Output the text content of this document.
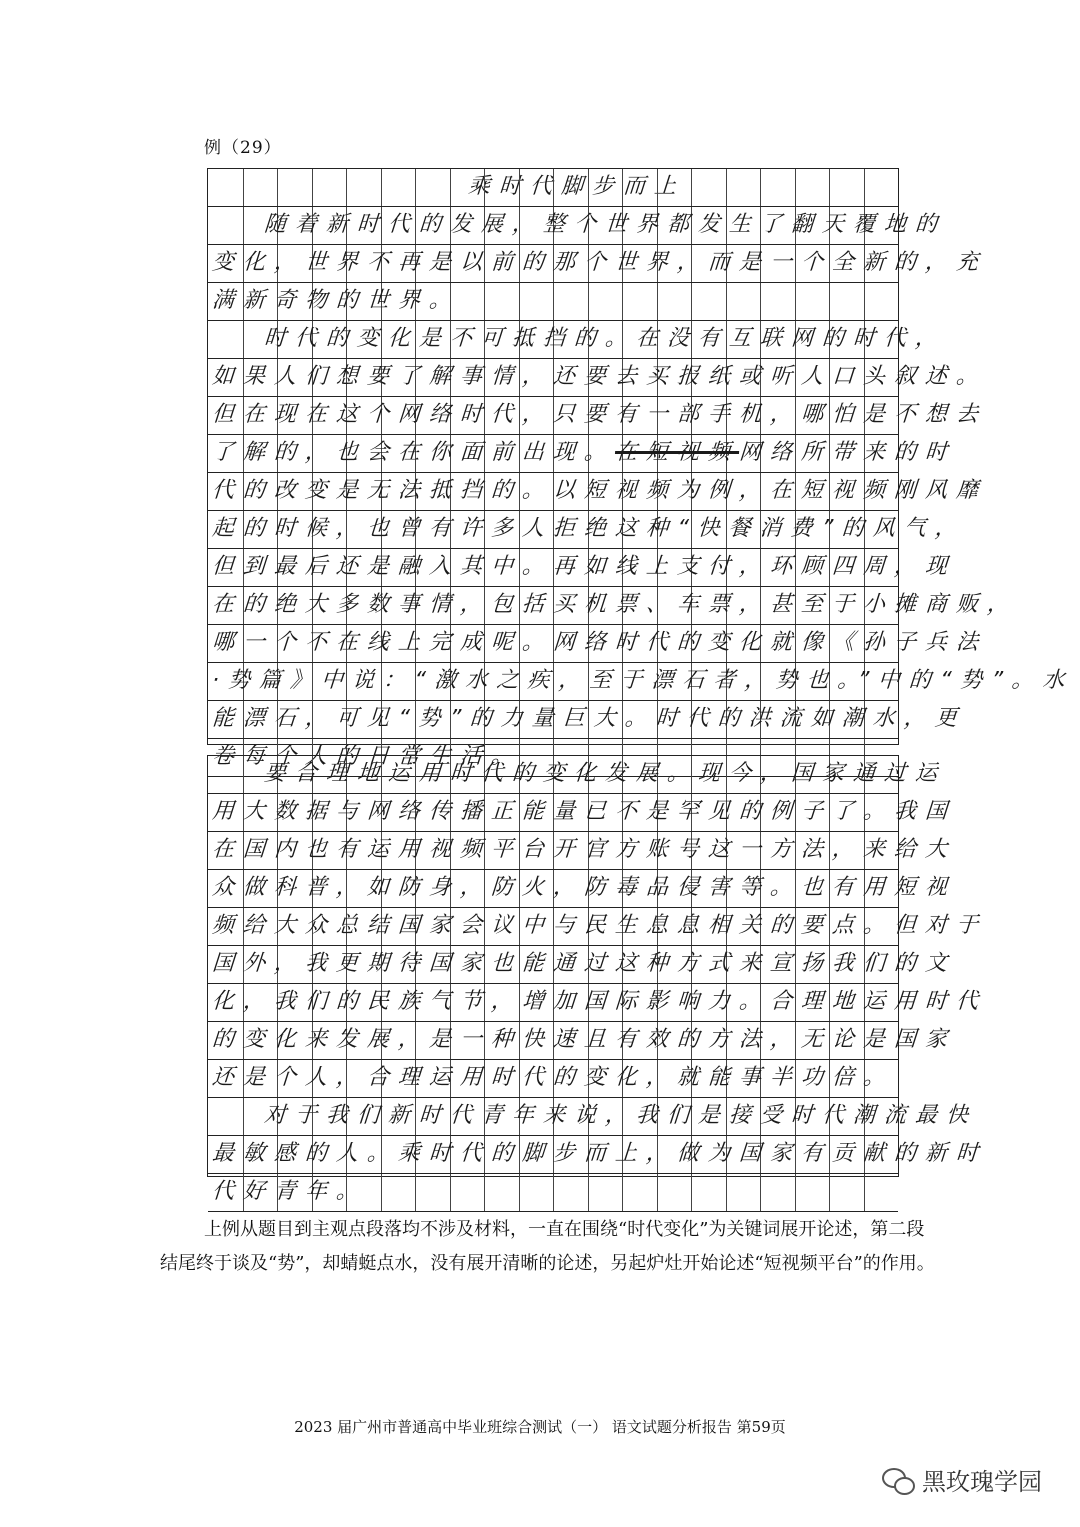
例（29）
乘时代脚步而上
随着新时代的发展，整个世界都发生了翻天覆地的
变化，世界不再是以前的那个世界，而是一个全新的，充
满新奇物的世界。
时代的变化是不可抵挡的。在没有互联网的时代，
如果人们想要了解事情，还要去买报纸或听人口头叙述。
但在现在这个网络时代，只要有一部手机，哪怕是不想去
了解的，也会在你面前出现。在短视频网络所带来的时
代的改变是无法抵挡的。以短视频为例，在短视频刚风靡
起的时候，也曾有许多人拒绝这种“快餐消费”的风气，
但到最后还是融入其中。再如线上支付，环顾四周，现
在的绝大多数事情，包括买机票、车票，甚至于小摊商贩，
哪一个不在线上完成呢。网络时代的变化就像《孙子兵法
·势篇》中说：“激水之疾，至于漂石者，势也。”中的“势”。水
能漂石，可见“势”的力量巨大。时代的洪流如潮水，更
卷每个人的日常生活。
要合理地运用时代的变化发展。现今，国家通过运
用大数据与网络传播正能量已不是罕见的例子了。我国
在国内也有运用视频平台开官方账号这一方法，来给大
众做科普，如防身，防火，防毒品侵害等。也有用短视
频给大众总结国家会议中与民生息息相关的要点。但对于
国外，我更期待国家也能通过这种方式来宣扬我们的文
化，我们的民族气节，增加国际影响力。合理地运用时代
的变化来发展，是一种快速且有效的方法，无论是国家
还是个人，合理运用时代的变化，就能事半功倍。
对于我们新时代青年来说，我们是接受时代潮流最快
最敏感的人。乘时代的脚步而上，做为国家有贡献的新时
代好青年。

上例从题目到主观点段落均不涉及材料，一直在围绕“时代变化”为关键词展开论述，第二段结尾终于谈及“势”，却蜻蜓点水，没有展开清晰的论述，另起炉灶开始论述“短视频平台”的作用。

2023 届广州市普通高中毕业班综合测试（一） 语文试题分析报告 第59页
黑玫瑰学园
